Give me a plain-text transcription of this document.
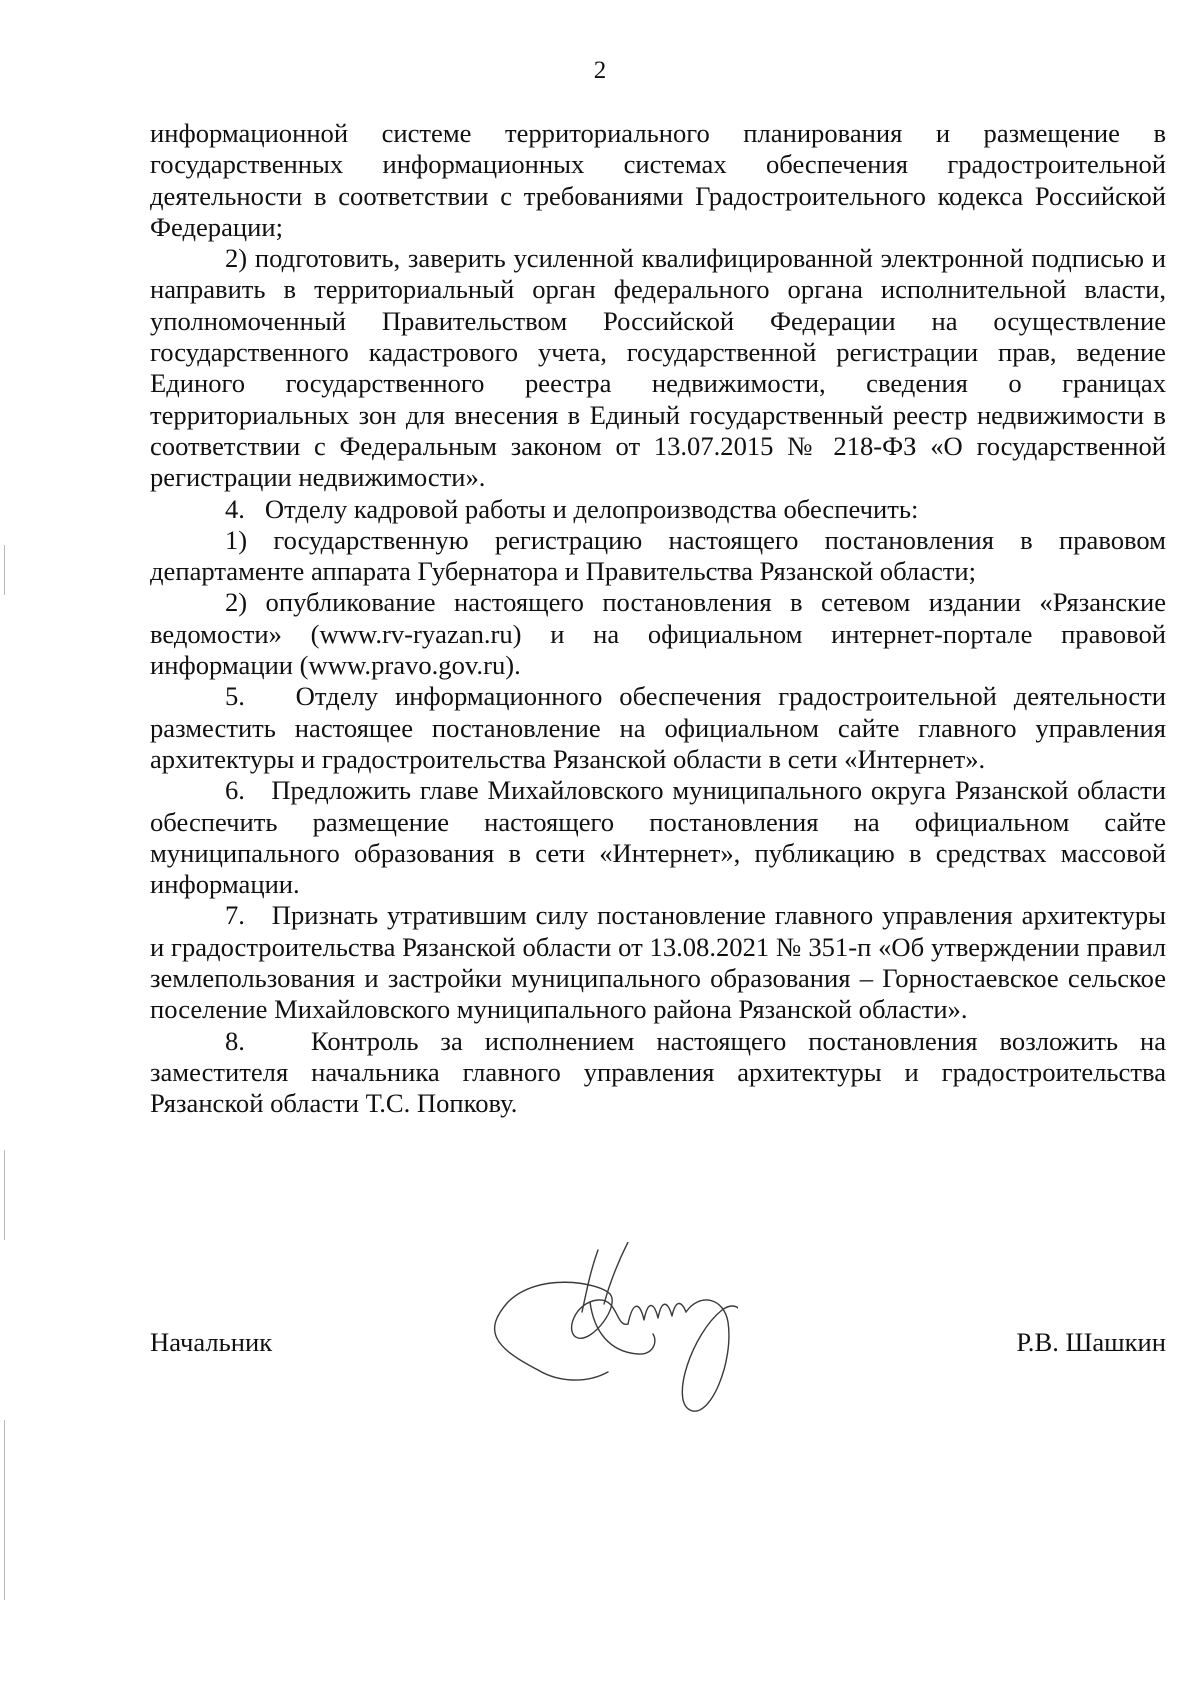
2

информационной системе территориального планирования и размещение в государственных информационных системах обеспечения градостроительной деятельности в соответствии с требованиями Градостроительного кодекса Российской Федерации;

2) подготовить, заверить усиленной квалифицированной электронной подписью и направить в территориальный орган федерального органа исполнительной власти, уполномоченный Правительством Российской Федерации на осуществление государственного кадастрового учета, государственной регистрации прав, ведение Единого государственного реестра недвижимости, сведения о границах территориальных зон для внесения в Единый государственный реестр недвижимости в соответствии с Федеральным законом от 13.07.2015 № 218-ФЗ «О государственной регистрации недвижимости».

4.   Отделу кадровой работы и делопроизводства обеспечить:

1) государственную регистрацию настоящего постановления в правовом департаменте аппарата Губернатора и Правительства Рязанской области;

2) опубликование настоящего постановления в сетевом издании «Рязанские ведомости» (www.rv-ryazan.ru) и на официальном интернет-портале правовой информации (www.pravo.gov.ru).

5.   Отделу информационного обеспечения градостроительной деятельности разместить настоящее постановление на официальном сайте главного управления архитектуры и градостроительства Рязанской области в сети «Интернет».

6.   Предложить главе Михайловского муниципального округа Рязанской области обеспечить размещение настоящего постановления на официальном сайте муниципального образования в сети «Интернет», публикацию в средствах массовой информации.

7.   Признать утратившим силу постановление главного управления архитектуры и градостроительства Рязанской области от 13.08.2021 № 351-п «Об утверждении правил землепользования и застройки муниципального образования – Горностаевское сельское поселение Михайловского муниципального района Рязанской области».

8.   Контроль за исполнением настоящего постановления возложить на заместителя начальника главного управления архитектуры и градостроительства Рязанской области Т.С. Попкову.

Начальник	Р.В. Шашкин
